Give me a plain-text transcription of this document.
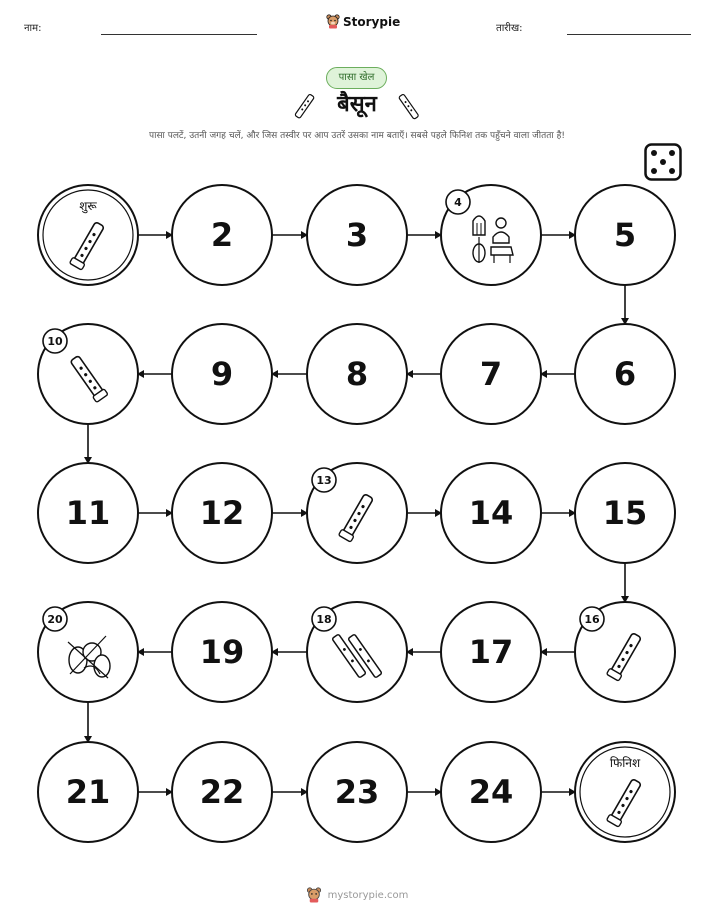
नाम:	Storypie	तारीख:
पासा खेल
बैसून
पासा पलटें, उतनी जगह चलें, और जिस तस्वीर पर आप उतरें उसका नाम बताएँ। सबसे पहले फिनिश तक पहुँचने वाला जीतता है!
शुरू
2	3
4
5
10
9	8	7	6
11	12
13
14	15
20
19
18
17
16
21	22	23	24
फिनिश
mystorypie.com
